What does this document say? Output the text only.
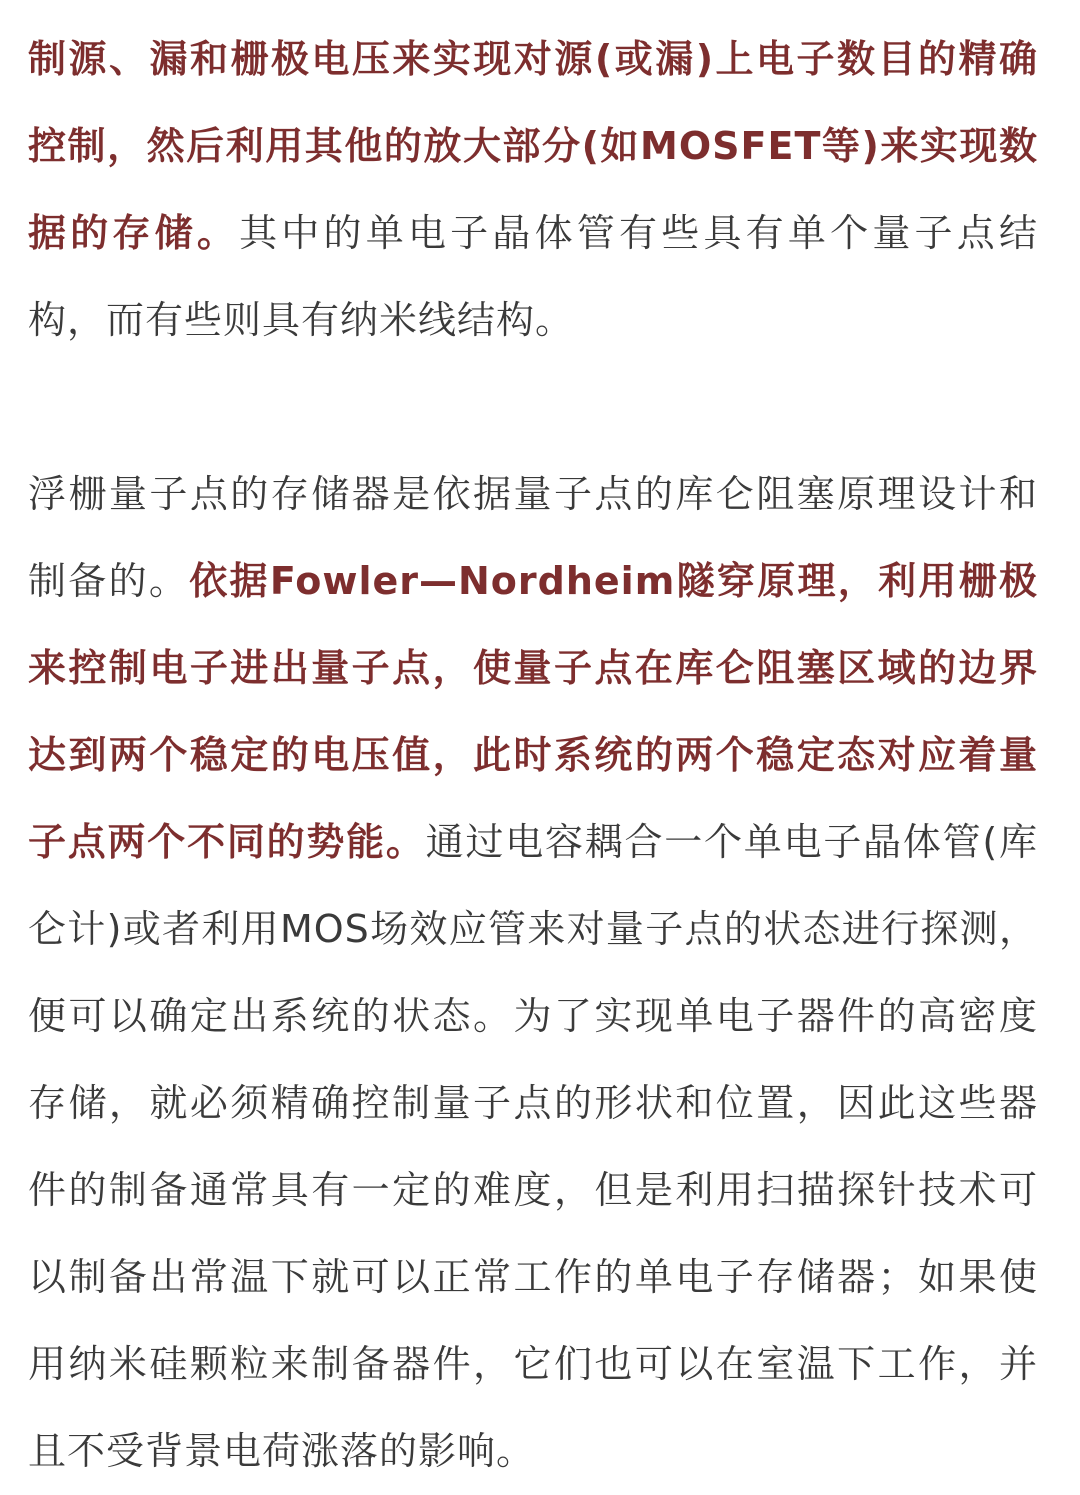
制源、漏和栅极电压来实现对源(或漏)上电子数目的精确控制，然后利用其他的放大部分(如MOSFET等)来实现数据的存储。其中的单电子晶体管有些具有单个量子点结构，而有些则具有纳米线结构。

浮栅量子点的存储器是依据量子点的库仑阻塞原理设计和制备的。依据Fowler—Nordheim隧穿原理，利用栅极来控制电子进出量子点，使量子点在库仑阻塞区域的边界达到两个稳定的电压值，此时系统的两个稳定态对应着量子点两个不同的势能。通过电容耦合一个单电子晶体管(库仑计)或者利用MOS场效应管来对量子点的状态进行探测，便可以确定出系统的状态。为了实现单电子器件的高密度存储，就必须精确控制量子点的形状和位置，因此这些器件的制备通常具有一定的难度，但是利用扫描探针技术可以制备出常温下就可以正常工作的单电子存储器；如果使用纳米硅颗粒来制备器件，它们也可以在室温下工作，并且不受背景电荷涨落的影响。
